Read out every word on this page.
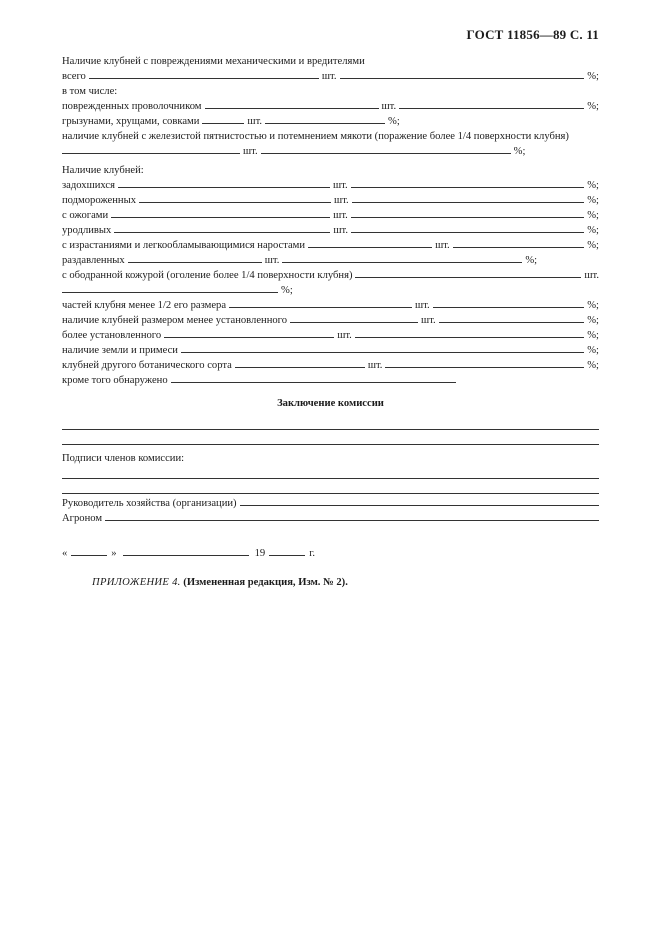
ГОСТ 11856—89 С. 11
Наличие клубней с повреждениями механическими и вредителями
всего	шт.	%;
в том числе:
поврежденных проволочником	шт.	%;
грызунами, хрущами, совками	шт.	%;
наличие клубней с железистой пятнистостью и потемнением мякоти (поражение более 1/4 поверхности клубня)
шт.	%;
Наличие клубней:
задохшихся	шт.	%;
подмороженных	шт.	%;
с ожогами	шт.	%;
уродливых	шт.	%;
с израстаниями и легкообламывающимися наростами	шт.	%;
раздавленных	шт.	%;
с ободранной кожурой (оголение более 1/4 поверхности клубня)	шт.
%;
частей клубня менее 1/2 его размера	шт.	%;
наличие клубней размером менее установленного	шт.	%;
более установленного	шт.	%;
наличие земли и примеси	%;
клубней другого ботанического сорта	шт.	%;
кроме того обнаружено
Заключение комиссии
Подписи членов комиссии:
Руководитель хозяйства (организации)
Агроном
«	»	19	г.
ПРИЛОЖЕНИЕ 4. (Измененная редакция, Изм. № 2).
